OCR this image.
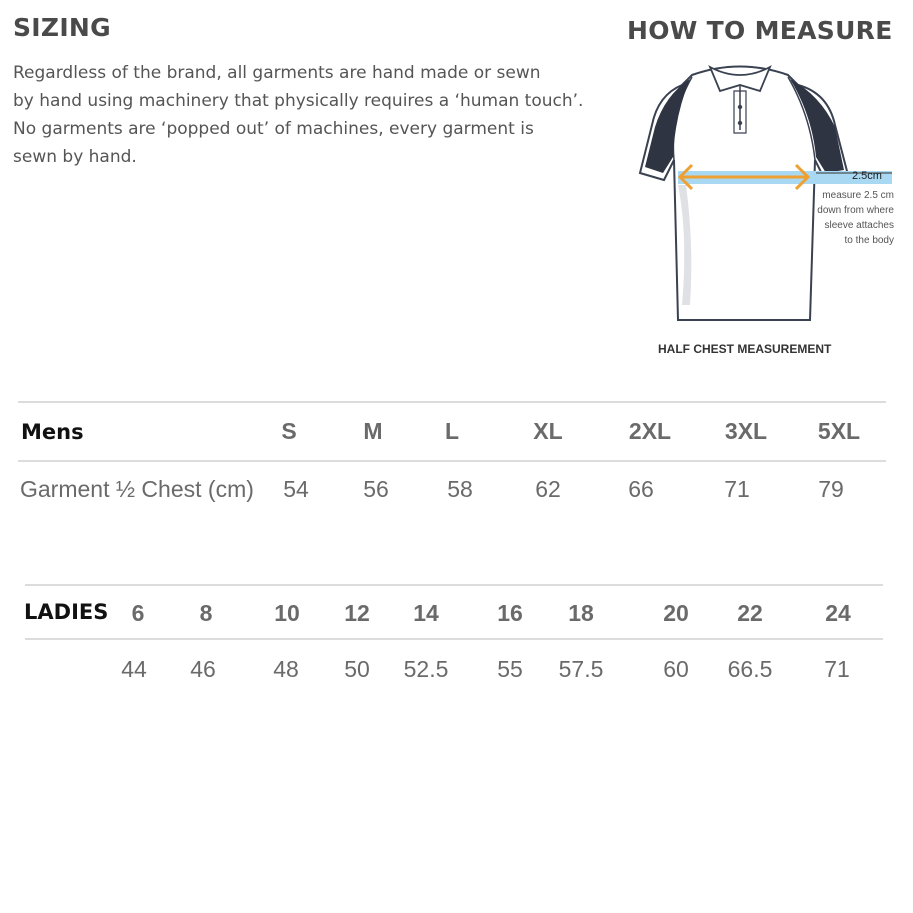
SIZING
Regardless of the brand, all garments are hand made or sewn
by hand using machinery that physically requires a ‘human touch’.
No garments are ‘popped out’ of machines, every garment is
sewn by hand.
HOW TO MEASURE
2.5cm
measure 2.5 cm
down from where
sleeve attaches
to the body
HALF CHEST MEASUREMENT
Mens	S	M	L	XL	2XL 3XL 5XL
Garment ½ Chest (cm) 54 56	58	62	66	71	79
LADIES 6 8	10 12 14	16 18	20 22	24
44 46 48 50 52.5 55 57.5	60 66.5 71
